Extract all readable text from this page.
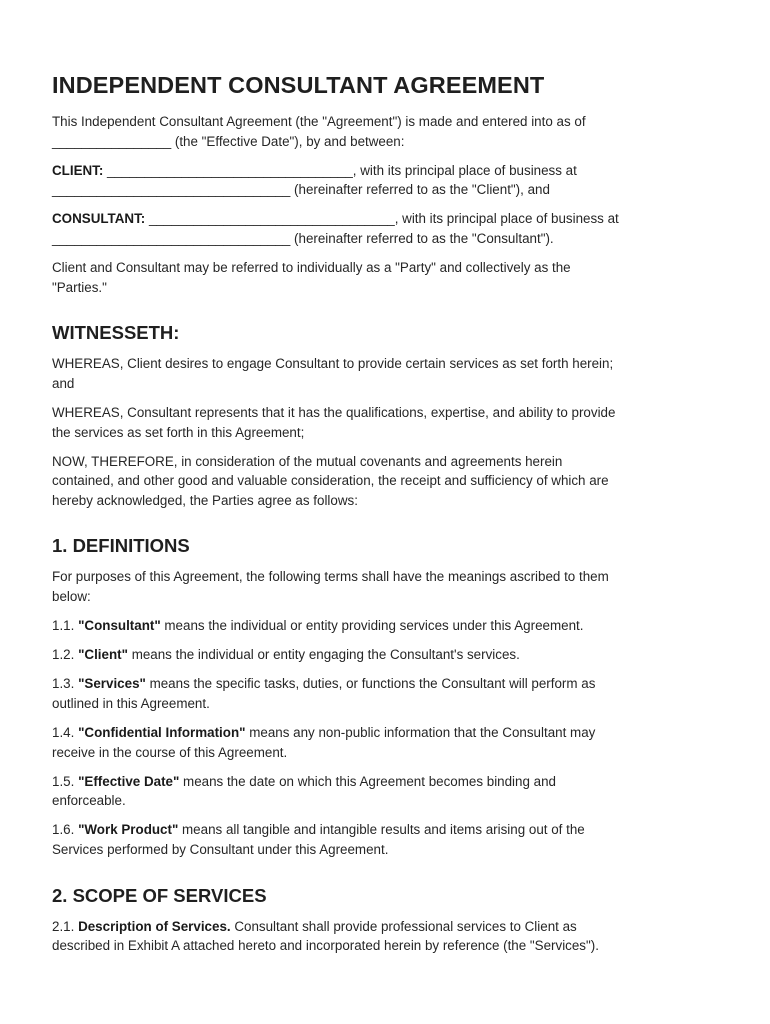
INDEPENDENT CONSULTANT AGREEMENT

This Independent Consultant Agreement (the "Agreement") is made and entered into as of
________________ (the "Effective Date"), by and between:

CLIENT: _________________________________, with its principal place of business at
________________________________ (hereinafter referred to as the "Client"), and

CONSULTANT: _________________________________, with its principal place of business at
________________________________ (hereinafter referred to as the "Consultant").

Client and Consultant may be referred to individually as a "Party" and collectively as the
"Parties."

WITNESSETH:

WHEREAS, Client desires to engage Consultant to provide certain services as set forth herein;
and

WHEREAS, Consultant represents that it has the qualifications, expertise, and ability to provide
the services as set forth in this Agreement;

NOW, THEREFORE, in consideration of the mutual covenants and agreements herein
contained, and other good and valuable consideration, the receipt and sufficiency of which are
hereby acknowledged, the Parties agree as follows:

1. DEFINITIONS

For purposes of this Agreement, the following terms shall have the meanings ascribed to them
below:

1.1. "Consultant" means the individual or entity providing services under this Agreement.

1.2. "Client" means the individual or entity engaging the Consultant's services.

1.3. "Services" means the specific tasks, duties, or functions the Consultant will perform as
outlined in this Agreement.

1.4. "Confidential Information" means any non-public information that the Consultant may
receive in the course of this Agreement.

1.5. "Effective Date" means the date on which this Agreement becomes binding and
enforceable.

1.6. "Work Product" means all tangible and intangible results and items arising out of the
Services performed by Consultant under this Agreement.

2. SCOPE OF SERVICES

2.1. Description of Services. Consultant shall provide professional services to Client as
described in Exhibit A attached hereto and incorporated herein by reference (the "Services").
